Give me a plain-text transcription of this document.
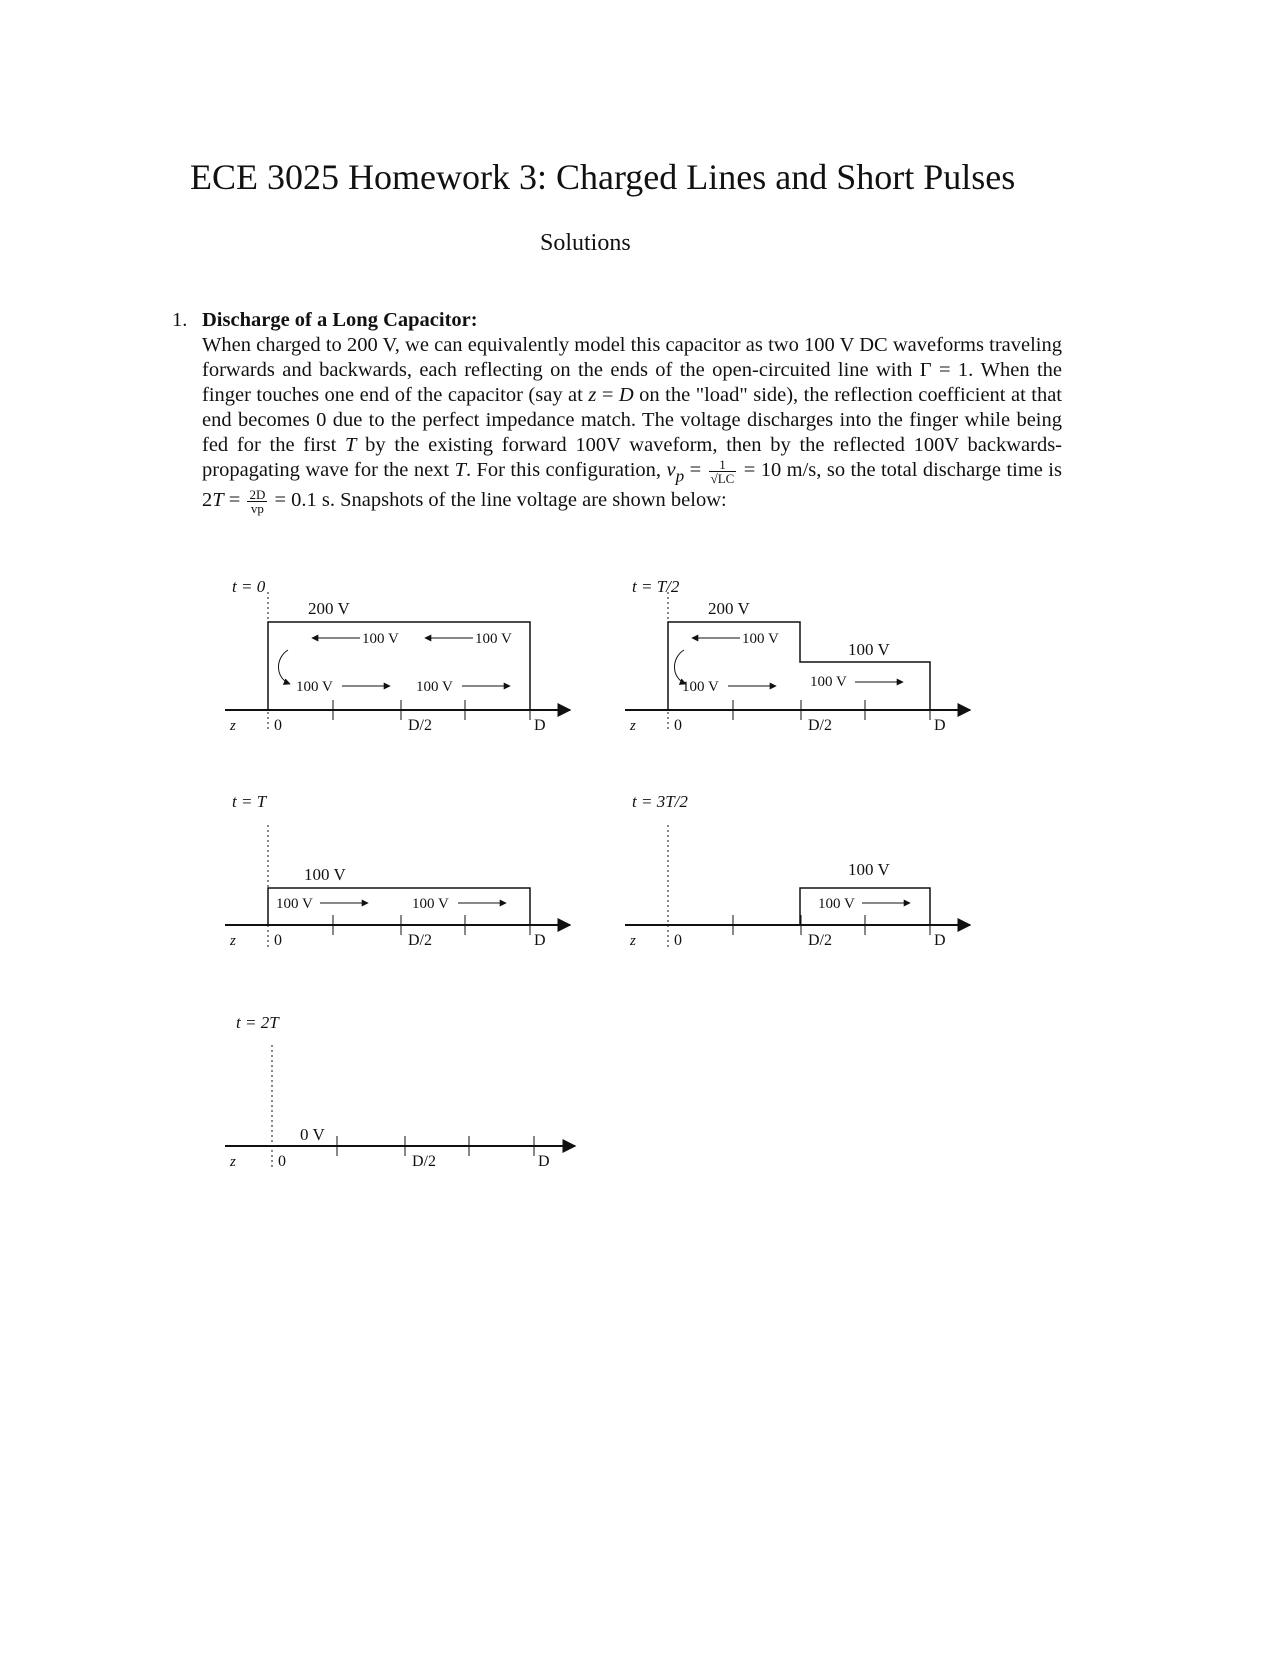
ECE 3025 Homework 3: Charged Lines and Short Pulses
Solutions
1. Discharge of a Long Capacitor:

When charged to 200 V, we can equivalently model this capacitor as two 100 V DC waveforms traveling forwards and backwards, each reflecting on the ends of the open-circuited line with Γ = 1. When the finger touches one end of the capacitor (say at z = D on the "load" side), the reflection coefficient at that end becomes 0 due to the perfect impedance match. The voltage discharges into the finger while being fed for the first T by the existing forward 100V waveform, then by the reflected 100V backwards-propagating wave for the next T. For this configuration, $v_p = \frac{1}{√LC} = 10$ m/s, so the total discharge time is $2T = \frac{2D}{vp} = 0.1$ s. Snapshots of the line voltage are shown below:

t = 0
200 V
100 V	100 V
100 V	100 V
z 0	D/2	D
t = T/2
200 V
100 V
100 V
100 V	100 V
z 0	D/2	D
t = T
100 V
100 V	100 V
z 0	D/2	D
t = 3T/2
100 V
100 V
z 0	D/2	D
t = 2T
0 V
z	0	D/2	D
